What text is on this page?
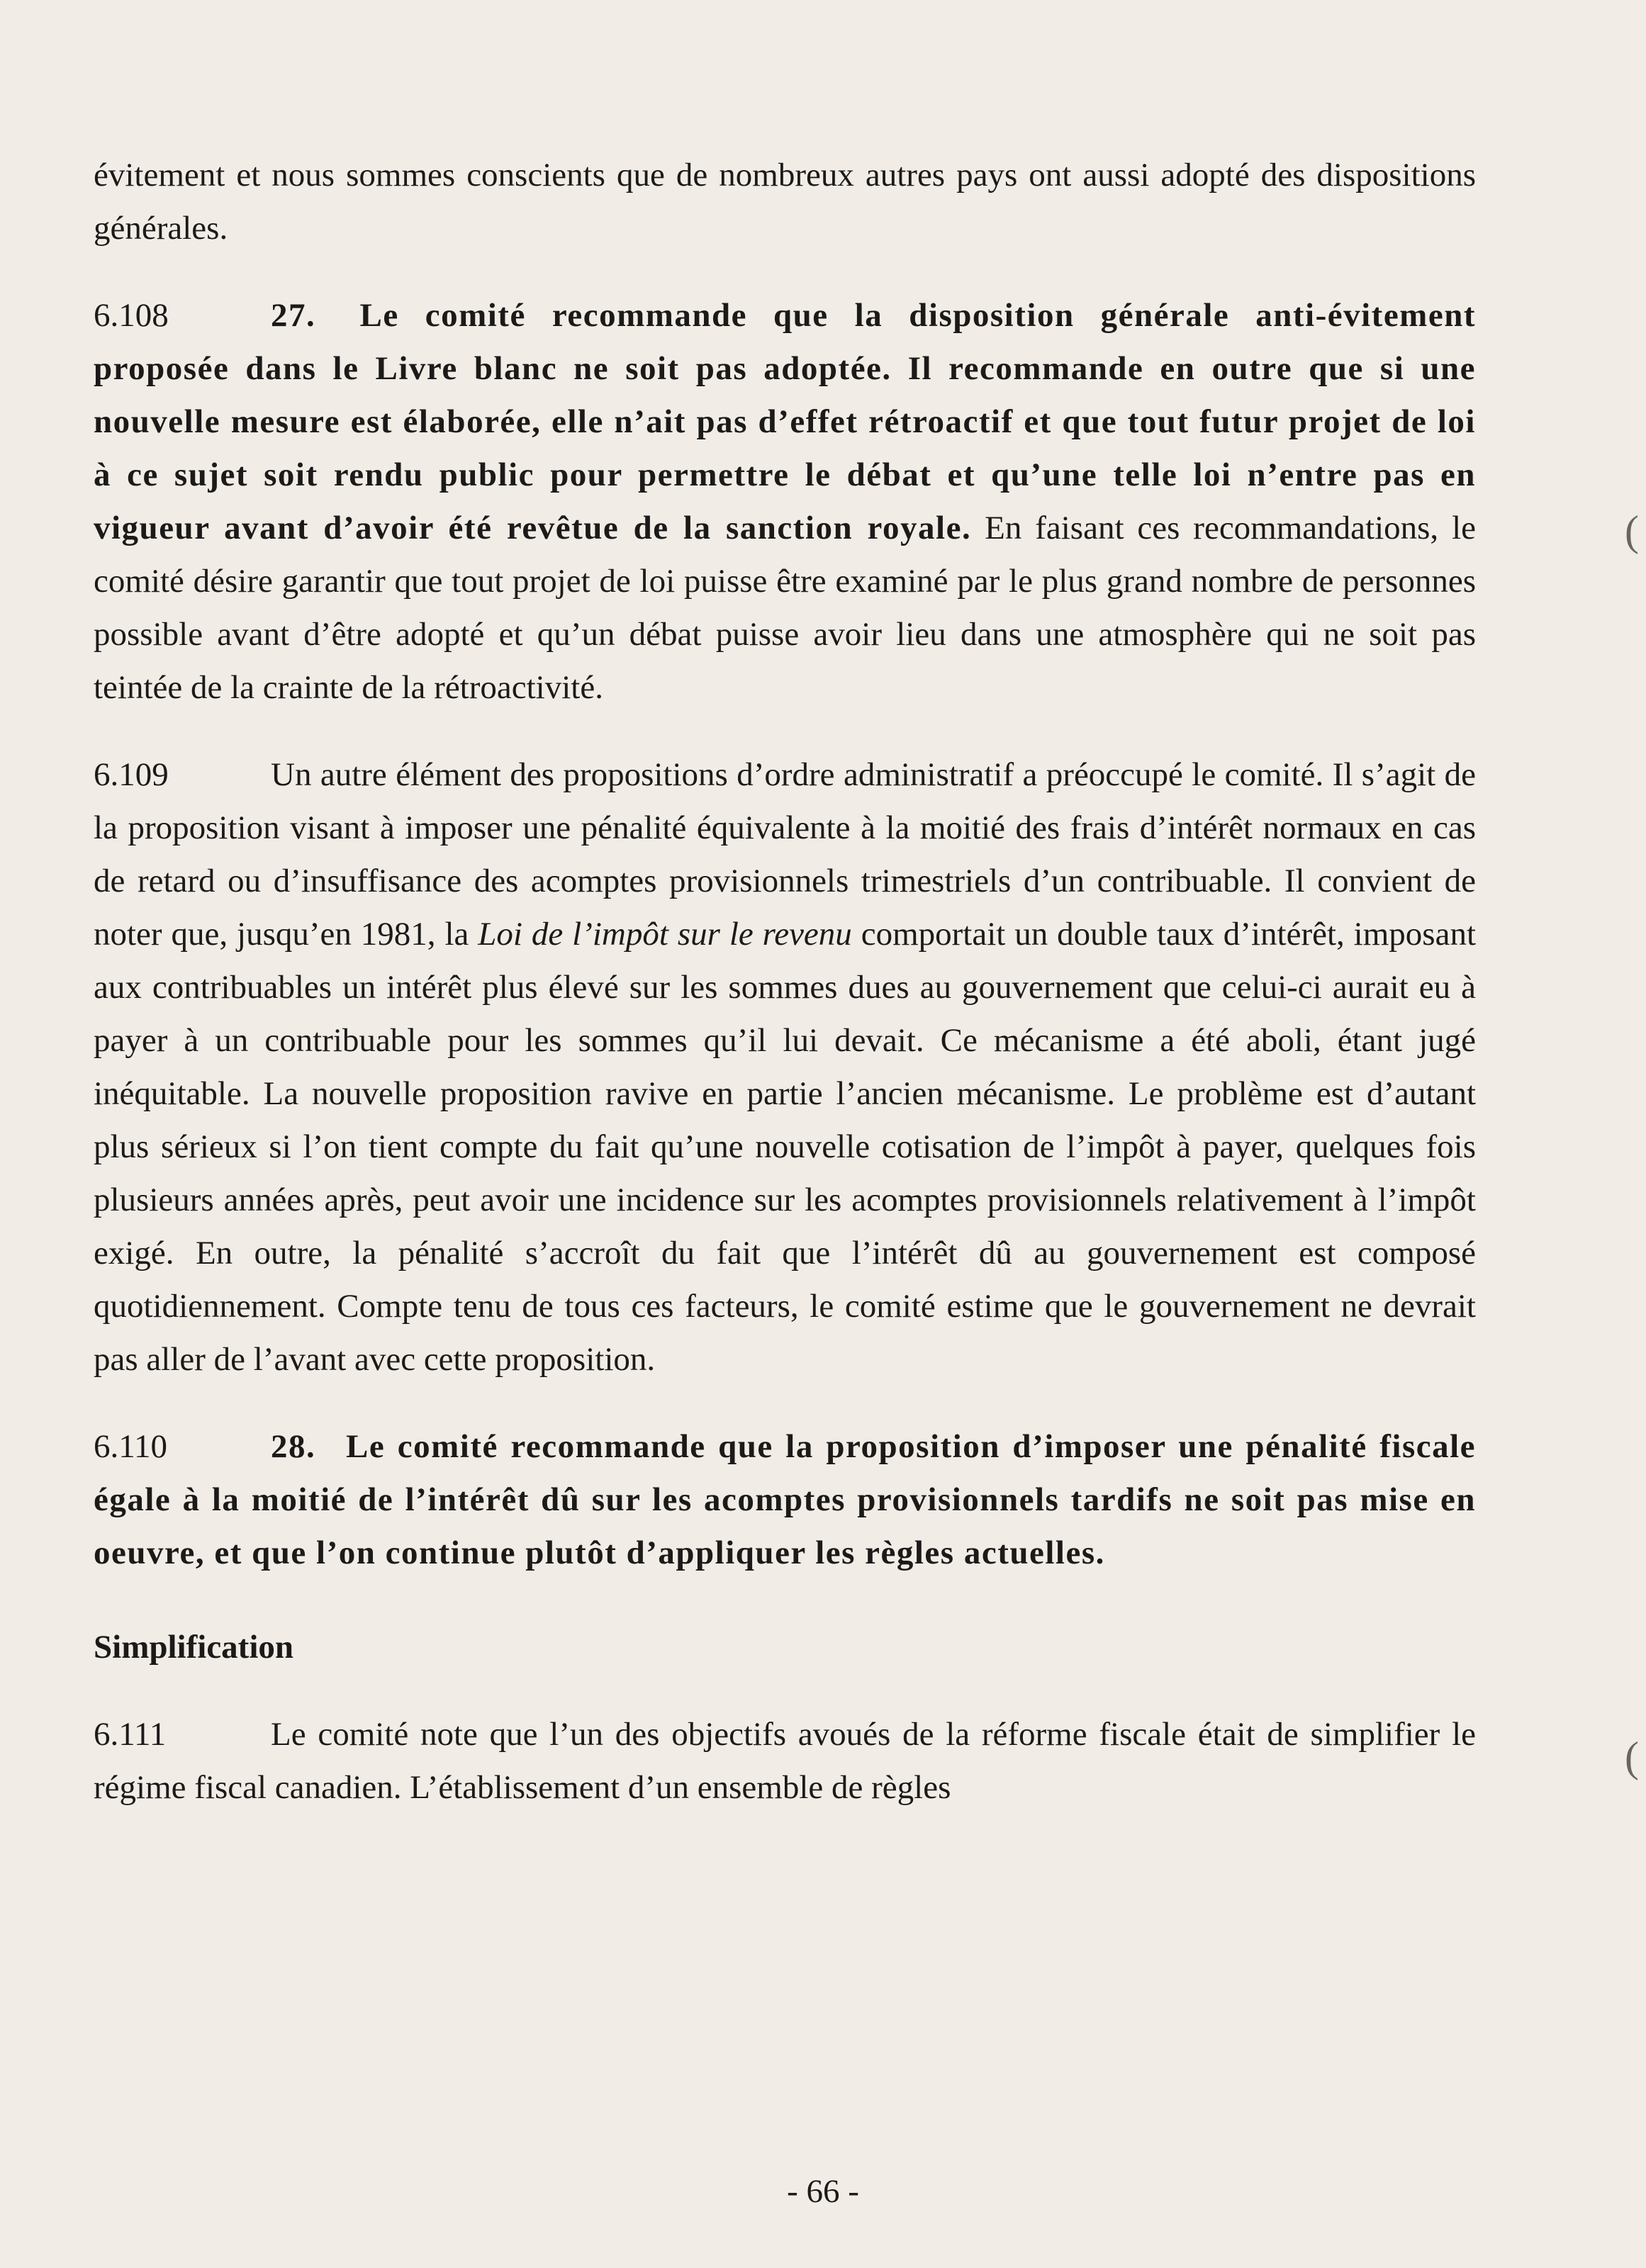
évitement et nous sommes conscients que de nombreux autres pays ont aussi adopté des dispositions générales.

6.108	27. Le comité recommande que la disposition générale anti-évitement proposée dans le Livre blanc ne soit pas adoptée. Il recommande en outre que si une nouvelle mesure est élaborée, elle n’ait pas d’effet rétroactif et que tout futur projet de loi à ce sujet soit rendu public pour permettre le débat et qu’une telle loi n’entre pas en vigueur avant d’avoir été revêtue de la sanction royale. En faisant ces recommandations, le comité désire garantir que tout projet de loi puisse être examiné par le plus grand nombre de personnes possible avant d’être adopté et qu’un débat puisse avoir lieu dans une atmosphère qui ne soit pas teintée de la crainte de la rétroactivité.

6.109	Un autre élément des propositions d’ordre administratif a préoccupé le comité. Il s’agit de la proposition visant à imposer une pénalité équivalente à la moitié des frais d’intérêt normaux en cas de retard ou d’insuffisance des acomptes provisionnels trimestriels d’un contribuable. Il convient de noter que, jusqu’en 1981, la Loi de l’impôt sur le revenu comportait un double taux d’intérêt, imposant aux contribuables un intérêt plus élevé sur les sommes dues au gouvernement que celui-ci aurait eu à payer à un contribuable pour les sommes qu’il lui devait. Ce mécanisme a été aboli, étant jugé inéquitable. La nouvelle proposition ravive en partie l’ancien mécanisme. Le problème est d’autant plus sérieux si l’on tient compte du fait qu’une nouvelle cotisation de l’impôt à payer, quelques fois plusieurs années après, peut avoir une incidence sur les acomptes provisionnels relativement à l’impôt exigé. En outre, la pénalité s’accroît du fait que l’intérêt dû au gouvernement est composé quotidiennement. Compte tenu de tous ces facteurs, le comité estime que le gouvernement ne devrait pas aller de l’avant avec cette proposition.

6.110	28. Le comité recommande que la proposition d’imposer une pénalité fiscale égale à la moitié de l’intérêt dû sur les acomptes provisionnels tardifs ne soit pas mise en oeuvre, et que l’on continue plutôt d’appliquer les règles actuelles.

Simplification

6.111	Le comité note que l’un des objectifs avoués de la réforme fiscale était de simplifier le régime fiscal canadien. L’établissement d’un ensemble de règles

- 66 -
(
(
